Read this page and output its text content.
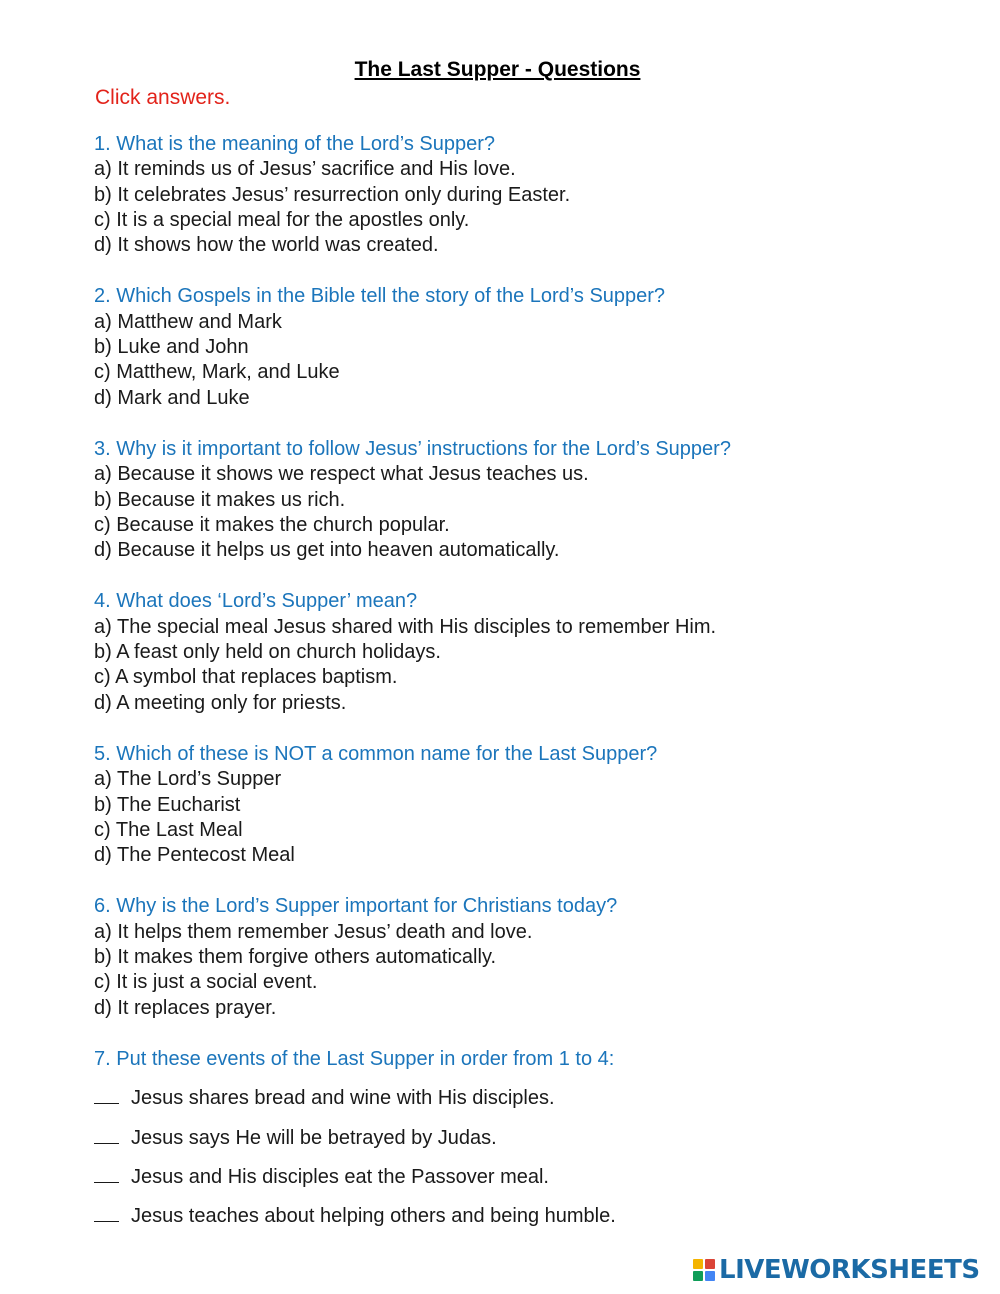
The Last Supper - Questions
Click answers.
1. What is the meaning of the Lord’s Supper?
a) It reminds us of Jesus’ sacrifice and His love.
b) It celebrates Jesus’ resurrection only during Easter.
c) It is a special meal for the apostles only.
d) It shows how the world was created.
2. Which Gospels in the Bible tell the story of the Lord’s Supper?
a) Matthew and Mark
b) Luke and John
c) Matthew, Mark, and Luke
d) Mark and Luke
3. Why is it important to follow Jesus’ instructions for the Lord’s Supper?
a) Because it shows we respect what Jesus teaches us.
b) Because it makes us rich.
c) Because it makes the church popular.
d) Because it helps us get into heaven automatically.
4. What does ‘Lord’s Supper’ mean?
a) The special meal Jesus shared with His disciples to remember Him.
b) A feast only held on church holidays.
c) A symbol that replaces baptism.
d) A meeting only for priests.
5. Which of these is NOT a common name for the Last Supper?
a) The Lord’s Supper
b) The Eucharist
c) The Last Meal
d) The Pentecost Meal
6. Why is the Lord’s Supper important for Christians today?
a) It helps them remember Jesus’ death and love.
b) It makes them forgive others automatically.
c) It is just a social event.
d) It replaces prayer.
7. Put these events of the Last Supper in order from 1 to 4:
Jesus shares bread and wine with His disciples.
Jesus says He will be betrayed by Judas.
Jesus and His disciples eat the Passover meal.
Jesus teaches about helping others and being humble.
LIVEWORKSHEETS
